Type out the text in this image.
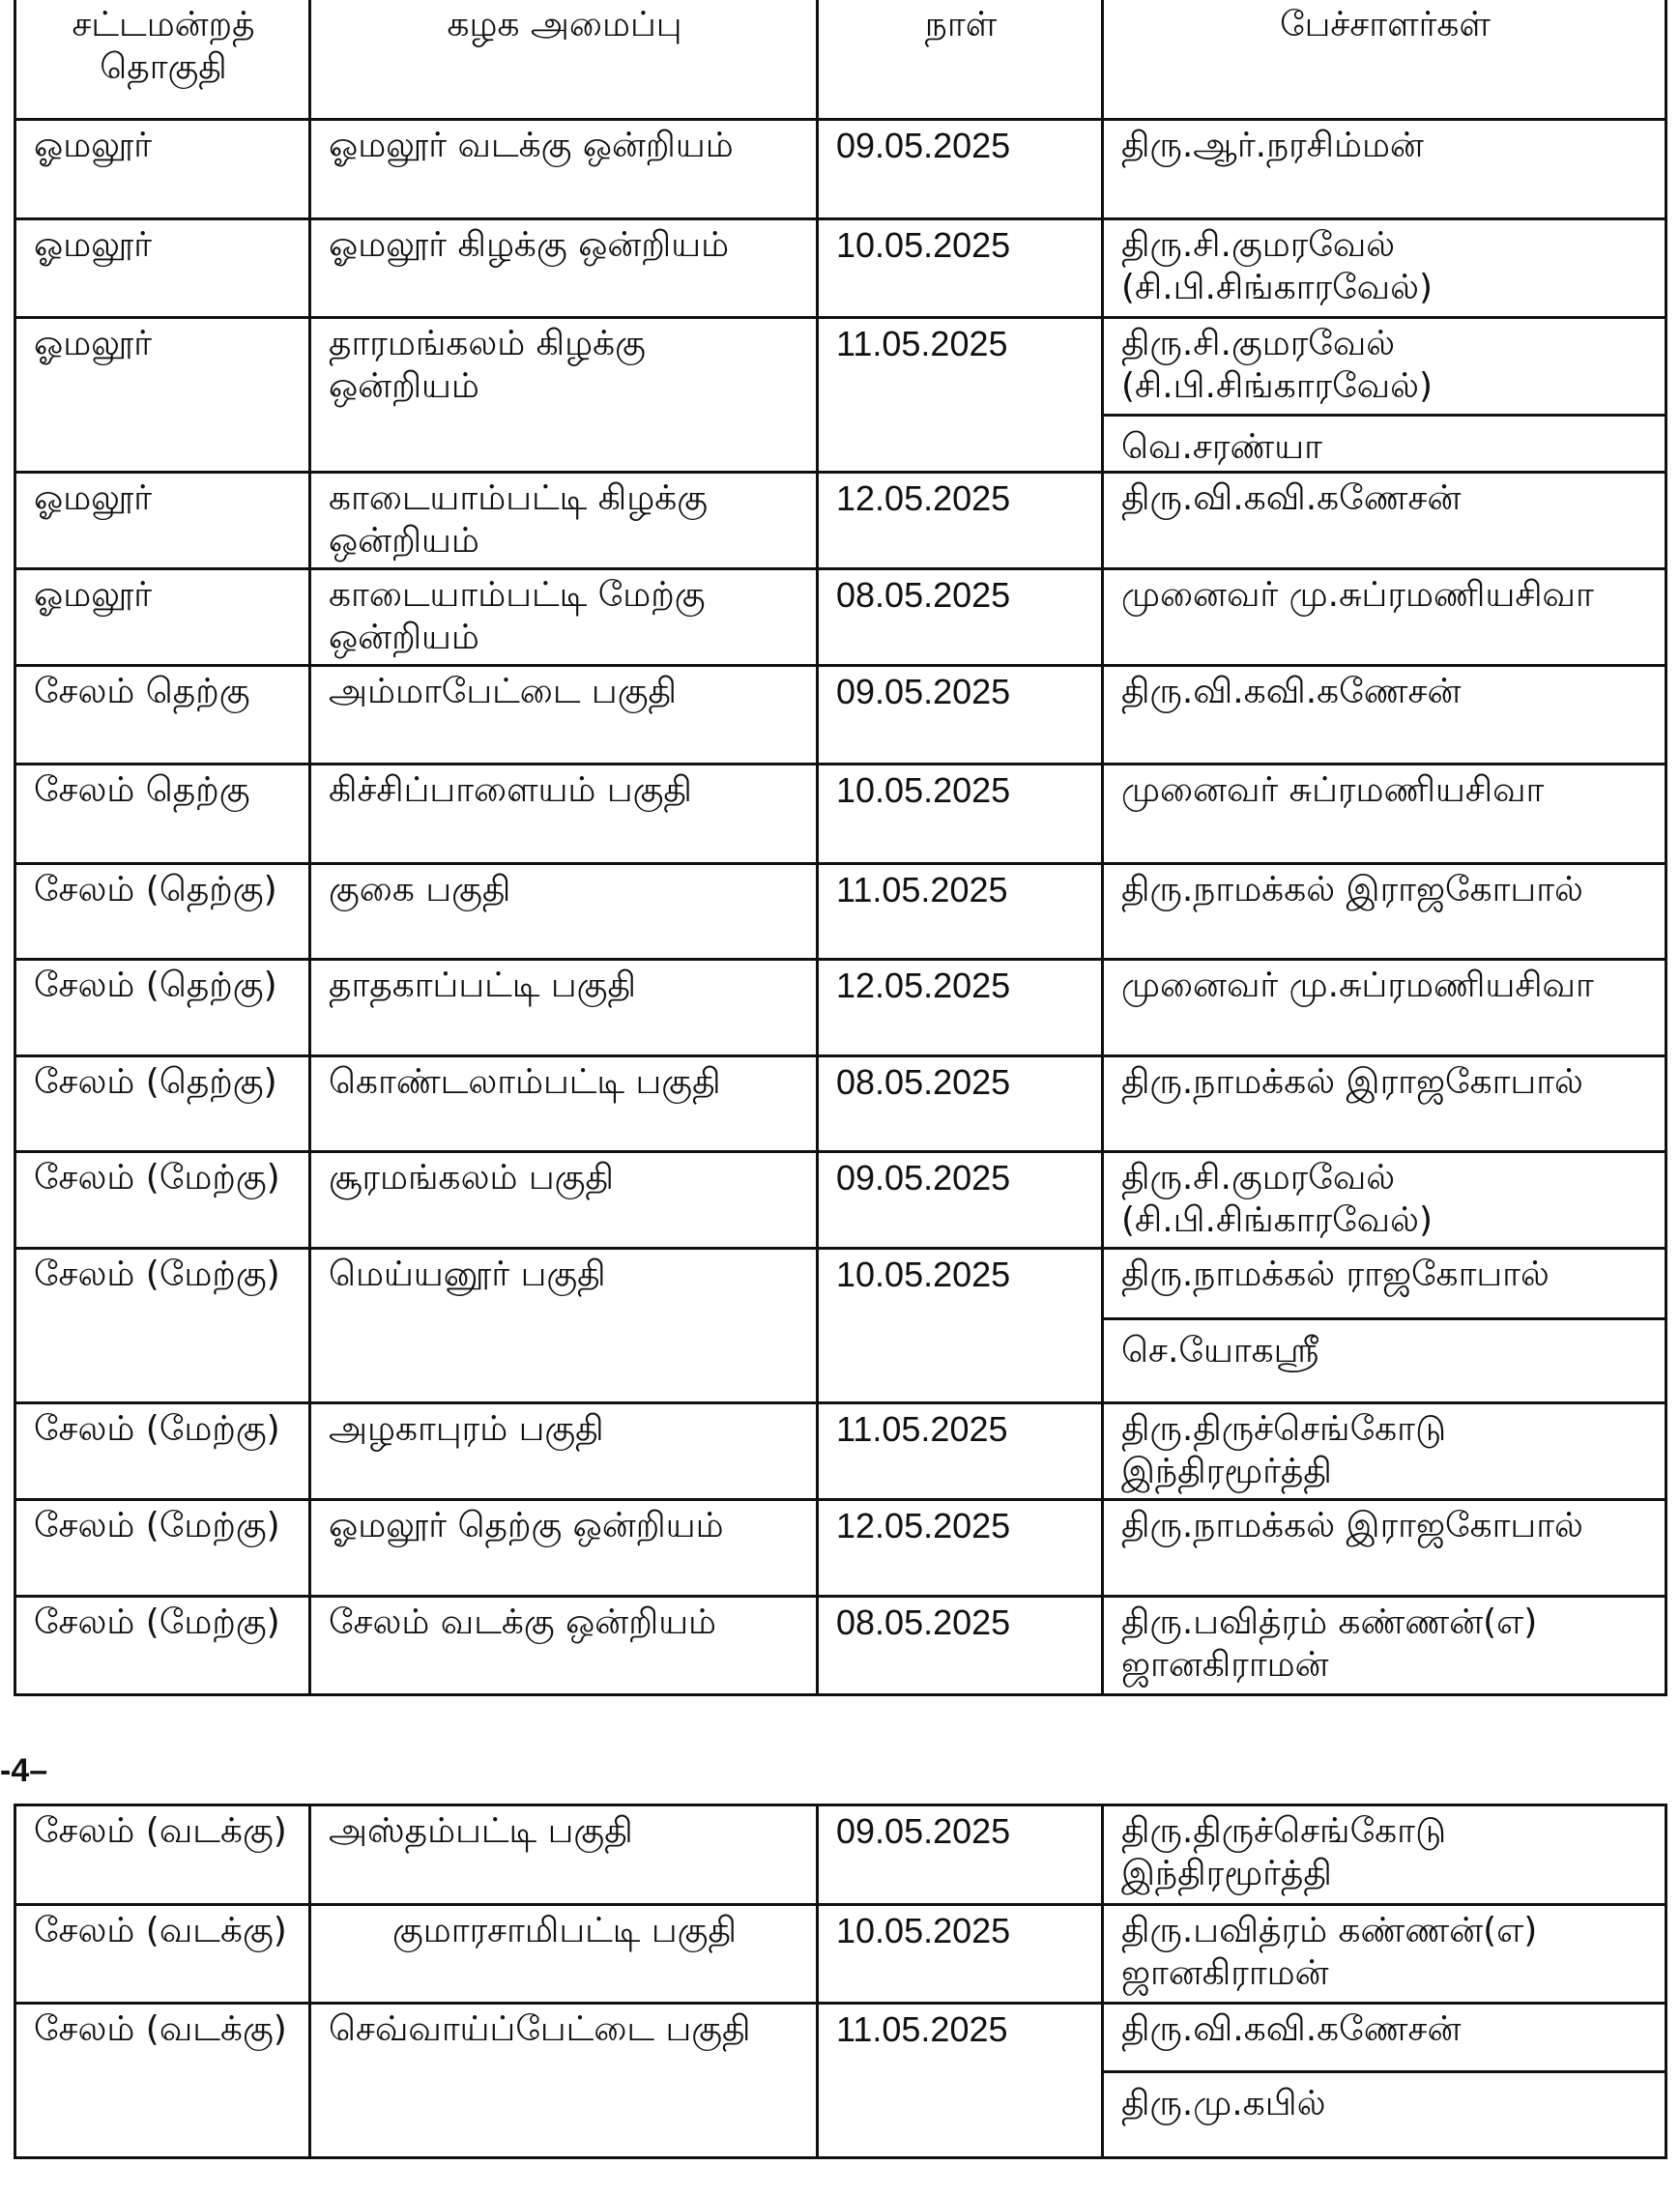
சட்டமன்றத் தொகுதி	கழக அமைப்பு	நாள்	பேச்சாளர்கள்
ஓமலூர்	ஓமலூர் வடக்கு ஒன்றியம்	09.05.2025	திரு.ஆர்.நரசிம்மன்
ஓமலூர்	ஓமலூர் கிழக்கு ஒன்றியம்	10.05.2025	திரு.சி.குமரவேல் (சி.பி.சிங்காரவேல்)
ஓமலூர்	தாரமங்கலம் கிழக்கு ஒன்றியம்	11.05.2025	திரு.சி.குமரவேல் (சி.பி.சிங்காரவேல்)
வெ.சரண்யா

ஓமலூர்	காடையாம்பட்டி கிழக்கு ஒன்றியம்	12.05.2025	திரு.வி.கவி.கணேசன்
ஓமலூர்	காடையாம்பட்டி மேற்கு ஒன்றியம்	08.05.2025	முனைவர் மு.சுப்ரமணியசிவா
சேலம் தெற்கு	அம்மாபேட்டை பகுதி	09.05.2025	திரு.வி.கவி.கணேசன்
சேலம் தெற்கு	கிச்சிப்பாளையம் பகுதி	10.05.2025	முனைவர் சுப்ரமணியசிவா
சேலம் (தெற்கு)	குகை பகுதி	11.05.2025	திரு.நாமக்கல் இராஜகோபால்
சேலம் (தெற்கு)	தாதகாப்பட்டி பகுதி	12.05.2025	முனைவர் மு.சுப்ரமணியசிவா
சேலம் (தெற்கு)	கொண்டலாம்பட்டி பகுதி	08.05.2025	திரு.நாமக்கல் இராஜகோபால்
சேலம் (மேற்கு)	சூரமங்கலம் பகுதி	09.05.2025	திரு.சி.குமரவேல் (சி.பி.சிங்காரவேல்)
சேலம் (மேற்கு)	மெய்யனூர் பகுதி	10.05.2025	திரு.நாமக்கல் ராஜகோபால்
செ.யோகஸ்ரீ

சேலம் (மேற்கு)	அழகாபுரம் பகுதி	11.05.2025	திரு.திருச்செங்கோடு இந்திரமூர்த்தி
சேலம் (மேற்கு)	ஓமலூர் தெற்கு ஒன்றியம்	12.05.2025	திரு.நாமக்கல் இராஜகோபால்
சேலம் (மேற்கு)	சேலம் வடக்கு ஒன்றியம்	08.05.2025	திரு.பவித்ரம் கண்ணன்(எ) ஜானகிராமன்
-4–
சேலம் (வடக்கு)	அஸ்தம்பட்டி பகுதி	09.05.2025	திரு.திருச்செங்கோடு இந்திரமூர்த்தி
சேலம் (வடக்கு)	குமாரசாமிபட்டி பகுதி	10.05.2025	திரு.பவித்ரம் கண்ணன்(எ) ஜானகிராமன்
சேலம் (வடக்கு)	செவ்வாய்ப்பேட்டை பகுதி	11.05.2025	திரு.வி.கவி.கணேசன்
திரு.மு.கபில்
